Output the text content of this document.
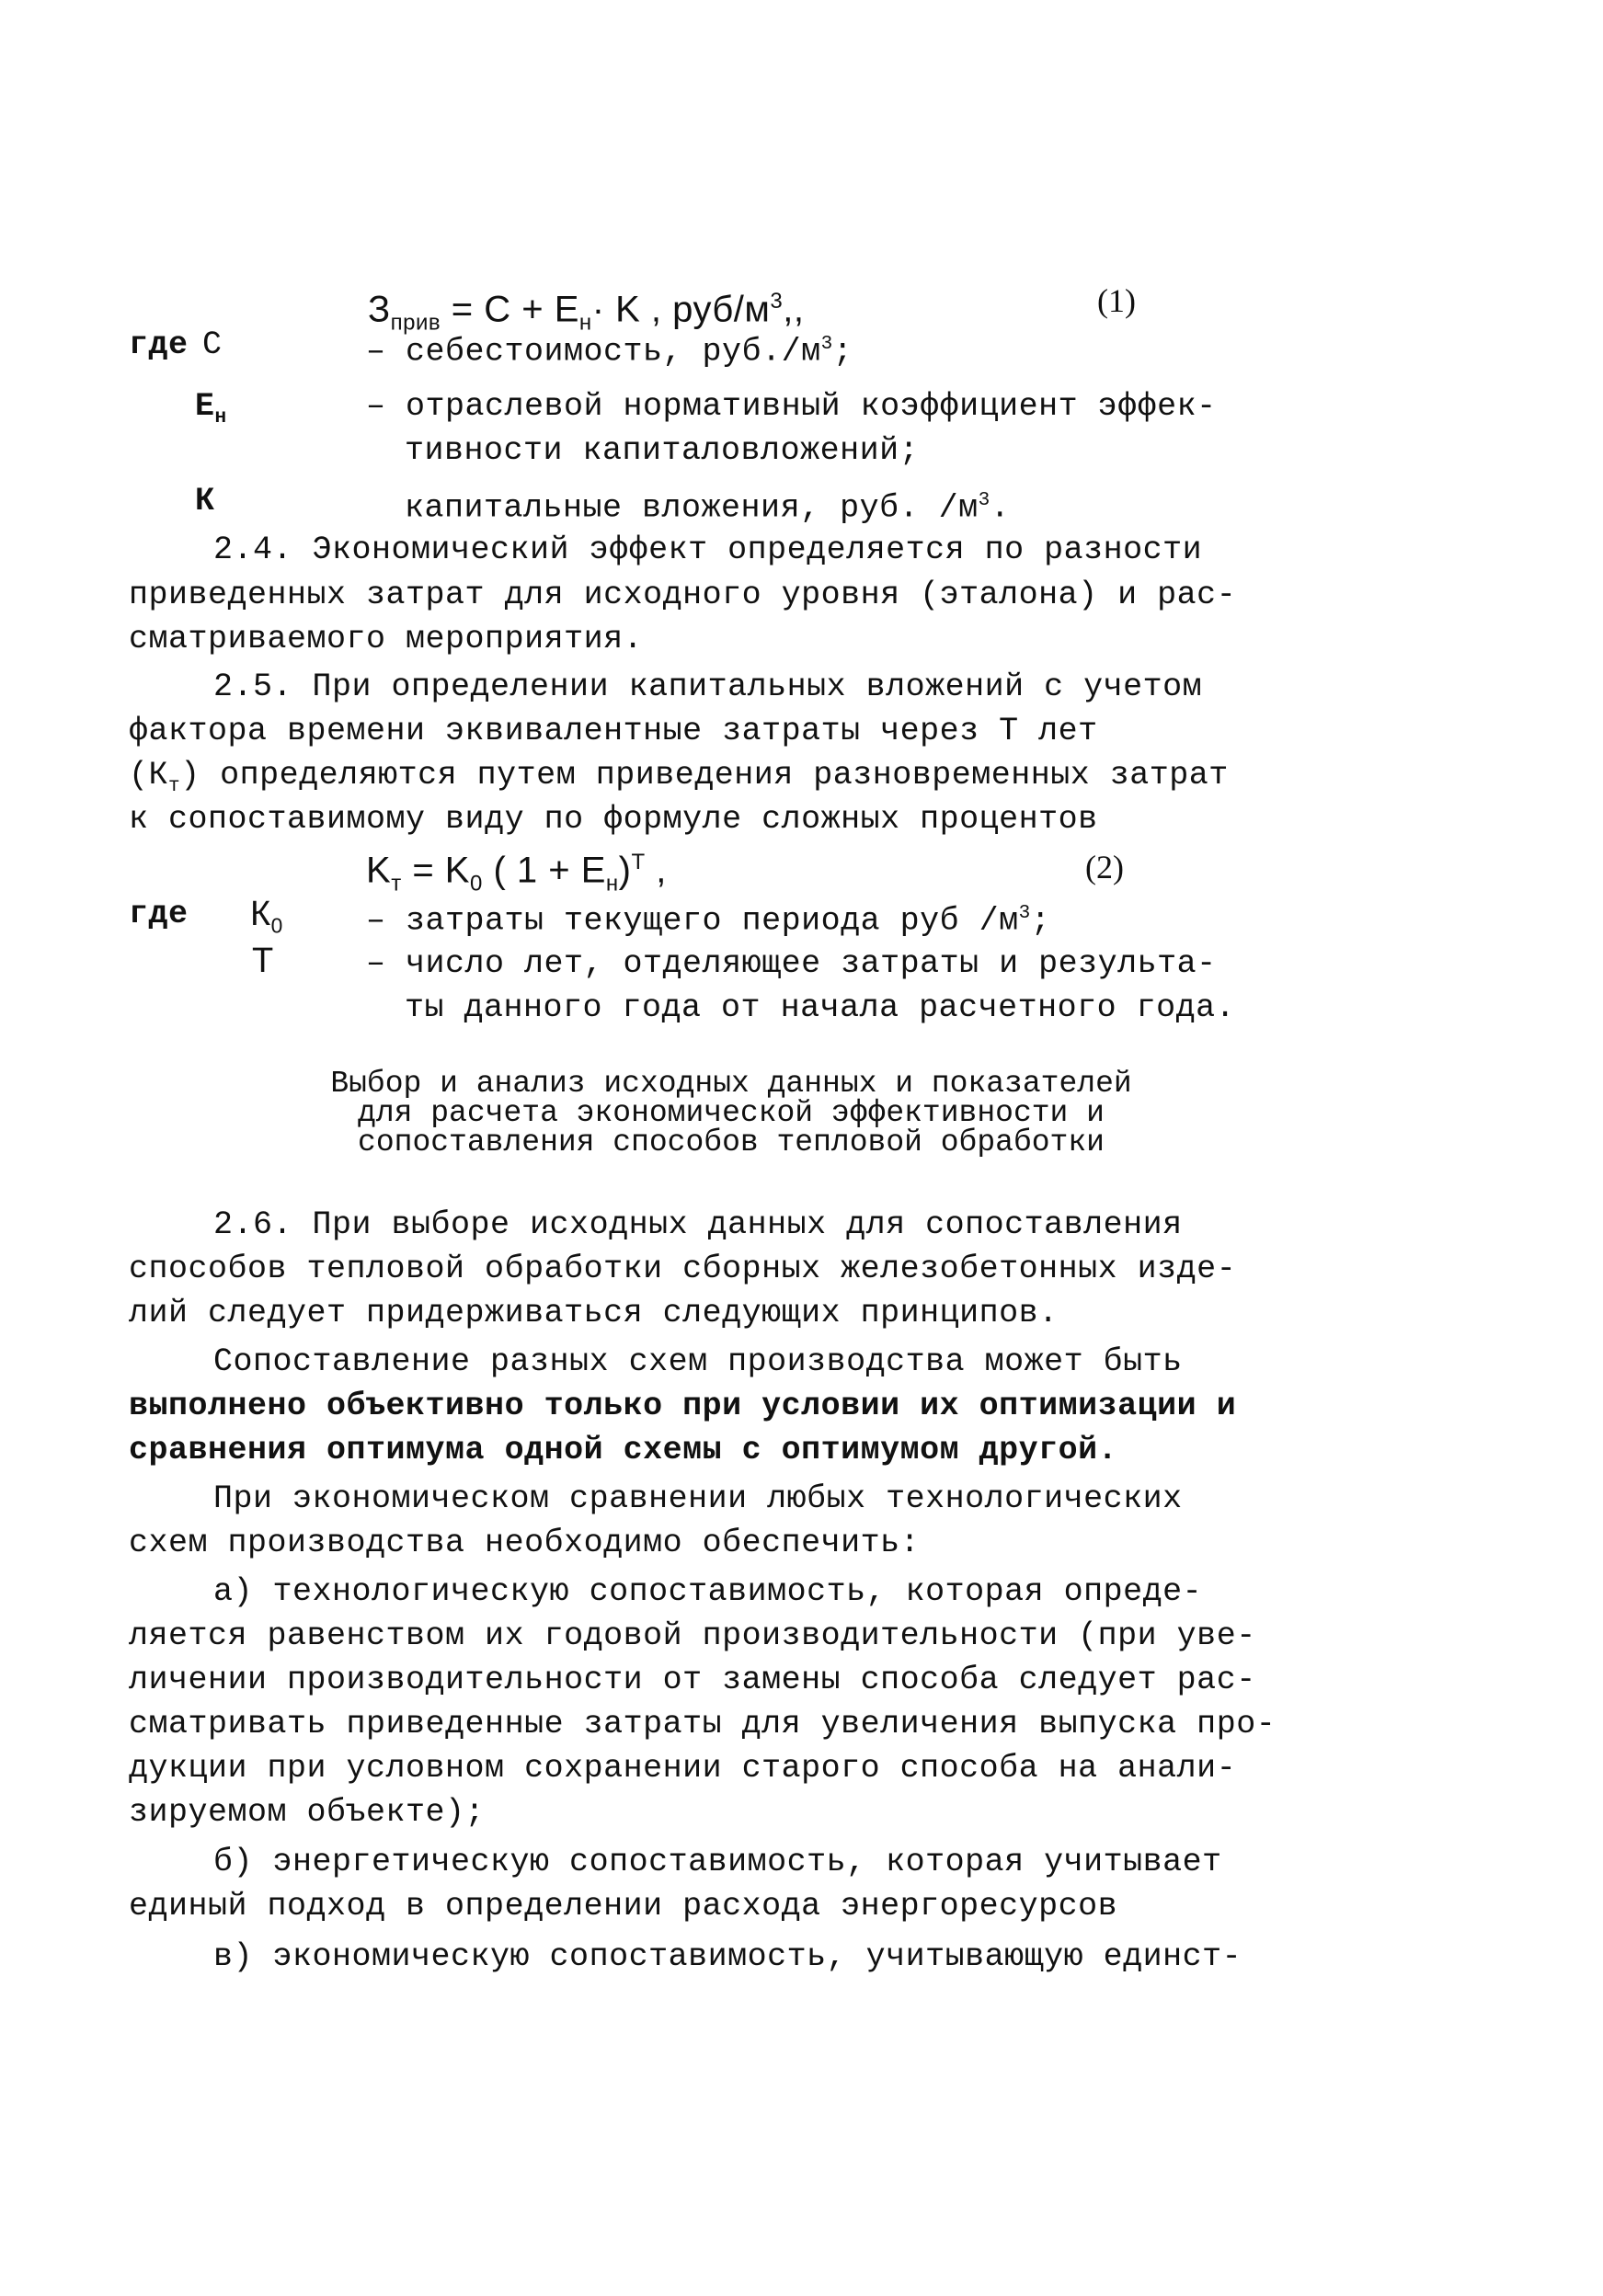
$З_{прив} = C + E_н\cdot K$ , руб/$м^3$,,	(1)
где С	– себестоимость, $руб./м^3$;
$Е_н$	– отраслевой нормативный коэффициент эффек-
тивности капиталовложений;
К	капитальные вложения, руб. $/м^3$.
2.4. Экономический эффект определяется по разности
приведенных затрат для исходного уровня (эталона) и рас-
сматриваемого мероприятия.
2.5. При определении капитальных вложений с учетом
фактора времени эквивалентные затраты через Т лет
$(К_т)$ определяются путем приведения разновременных затрат
к сопоставимому виду по формуле сложных процентов
$K_т = K_0$ ( $1 + E_н)^T$ ,	(2)
где $К_0$	– затраты текущего периода руб $/м^3$;
Т	– число лет, отделяющее затраты и результа-
ты данного года от начала расчетного года.
Выбор и анализ исходных данных и показателей
для расчета экономической эффективности и
сопоставления способов тепловой обработки
2.6. При выборе исходных данных для сопоставления
способов тепловой обработки сборных железобетонных изде-
лий следует придерживаться следующих принципов.
Сопоставление разных схем производства может быть
выполнено объективно только при условии их оптимизации и
сравнения оптимума одной схемы с оптимумом другой.
При экономическом сравнении любых технологических
схем производства необходимо обеспечить:
а) технологическую сопоставимость, которая опреде-
ляется равенством их годовой производительности (при уве-
личении производительности от замены способа следует рас-
сматривать приведенные затраты для увеличения выпуска про-
дукции при условном сохранении старого способа на анали-
зируемом объекте);
б) энергетическую сопоставимость, которая учитывает
единый подход в определении расхода энергоресурсов
в) экономическую сопоставимость, учитывающую единст-
